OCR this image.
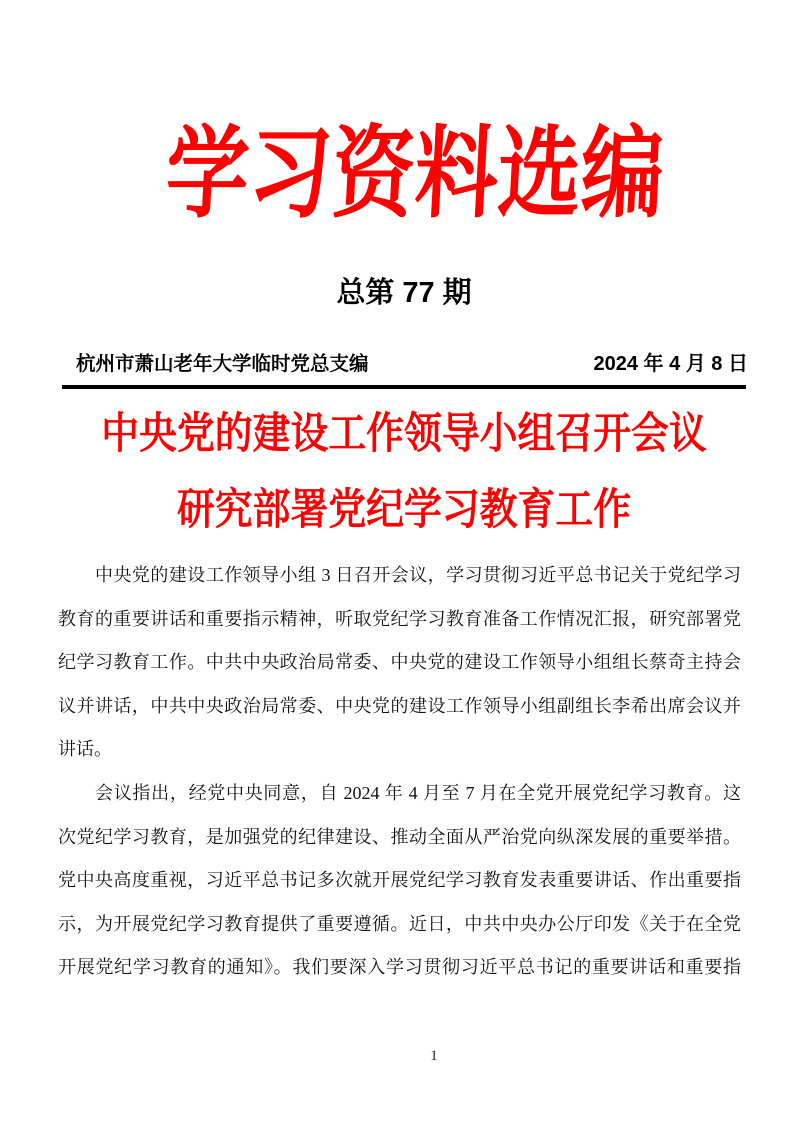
学习资料选编
总第 77 期
杭州市萧山老年大学临时党总支编	2024 年 4 月 8 日
中央党的建设工作领导小组召开会议
研究部署党纪学习教育工作
中央党的建设工作领导小组 3 日召开会议，学习贯彻习近平总书记关于党纪学习
教育的重要讲话和重要指示精神，听取党纪学习教育准备工作情况汇报，研究部署党
纪学习教育工作。中共中央政治局常委、中央党的建设工作领导小组组长蔡奇主持会
议并讲话，中共中央政治局常委、中央党的建设工作领导小组副组长李希出席会议并
讲话。
会议指出，经党中央同意，自 2024 年 4 月至 7 月在全党开展党纪学习教育。这
次党纪学习教育，是加强党的纪律建设、推动全面从严治党向纵深发展的重要举措。
党中央高度重视，习近平总书记多次就开展党纪学习教育发表重要讲话、作出重要指
示，为开展党纪学习教育提供了重要遵循。近日，中共中央办公厅印发《关于在全党
开展党纪学习教育的通知》。我们要深入学习贯彻习近平总书记的重要讲话和重要指
1
